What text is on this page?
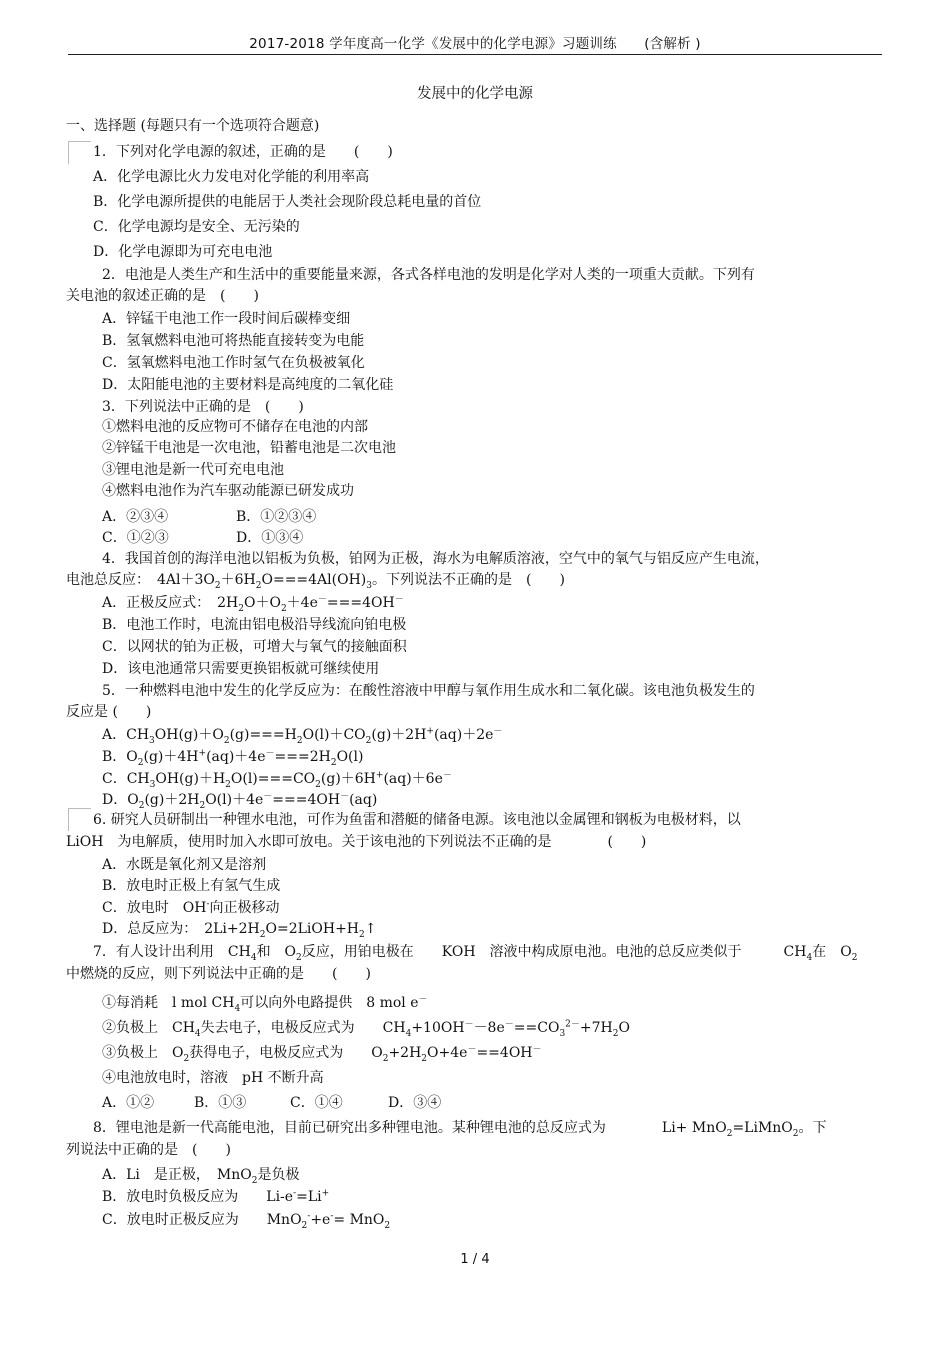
2017-2018 学年度高一化学《发展中的化学电源》习题训练　　(含解析 )
发展中的化学电源
一、选择题 (每题只有一个选项符合题意)
1．下列对化学电源的叙述，正确的是　　(　　)
A．化学电源比火力发电对化学能的利用率高
B．化学电源所提供的电能居于人类社会现阶段总耗电量的首位
C．化学电源均是安全、无污染的
D．化学电源即为可充电电池
2．电池是人类生产和生活中的重要能量来源，各式各样电池的发明是化学对人类的一项重大贡献。下列有
关电池的叙述正确的是　(　　)
A．锌锰干电池工作一段时间后碳棒变细
B．氢氧燃料电池可将热能直接转变为电能
C．氢氧燃料电池工作时氢气在负极被氧化
D．太阳能电池的主要材料是高纯度的二氧化硅
3．下列说法中正确的是　(　　)
①燃料电池的反应物可不储存在电池的内部
②锌锰干电池是一次电池，铅蓄电池是二次电池
③锂电池是新一代可充电电池
④燃料电池作为汽车驱动能源已研发成功
A．②③④	B．①②③④
C．①②③	D．①③④
4．我国首创的海洋电池以铝板为负极，铂网为正极，海水为电解质溶液，空气中的氧气与铝反应产生电流，
电池总反应：　$4Al+3O_2+6H_2O===4Al(OH)_3$。下列说法不正确的是　(　　)
A．正极反应式：　$2H_2O+O_2+4e^-===4OH^-$
B．电池工作时，电流由铝电极沿导线流向铂电极
C．以网状的铂为正极，可增大与氧气的接触面积
D．该电池通常只需要更换铝板就可继续使用
5．一种燃料电池中发生的化学反应为：在酸性溶液中甲醇与氧作用生成水和二氧化碳。该电池负极发生的
反应是 (　　)
A．$CH_3OH(g)+O_2(g)===H_2O(l)+CO_2(g)+2H^+(aq)+2e^-$
B．$O_2(g)+4H^+(aq)+4e^-===2H_2O(l)$
C．$CH_3OH(g)+H_2O(l)===CO_2(g)+6H^+(aq)+6e^-$
D．$O_2(g)+2H_2O(l)+4e^-===4OH^-(aq)$
6. 研究人员研制出一种锂水电池，可作为鱼雷和潜艇的储备电源。该电池以金属锂和钢板为电极材料，以
LiOH　为电解质，使用时加入水即可放电。关于该电池的下列说法不正确的是　　　　(　　)
A．水既是氧化剂又是溶剂
B．放电时正极上有氢气生成
C．放电时　OH-向正极移动
D．总反应为：　$2Li+2H_2O=2LiOH+H_2↑$
7．有人设计出利用　$CH_4$和　$O_2$反应，用铂电极在　　KOH　溶液中构成原电池。电池的总反应类似于　　　$CH_4$在　$O_2$
中燃烧的反应，则下列说法中正确的是　　(　　)
①每消耗　l mol $CH_4$可以向外电路提供　8 mol e－
②负极上　$CH_4$失去电子，电极反应式为　　$CH_4+10OH^--8e^-==CO_3^{2-}+7H_2O$
③负极上　$O_2$获得电子，电极反应式为　　$O_2+2H_2O+4e^-==4OH^-$
④电池放电时，溶液　pH 不断升高
A．①②	B．①③	C．①④	D．③④
8．锂电池是新一代高能电池，目前已研究出多种锂电池。某种锂电池的总反应式为　　　　Li+ MnO$_2$=LiMnO$_2$。下
列说法中正确的是　(　　)
A．Li　是正极，　MnO$_2$是负极
B．放电时负极反应为　　Li-e-=Li+
C．放电时正极反应为　　MnO$_2$-+e-= MnO$_2$
1 / 4
